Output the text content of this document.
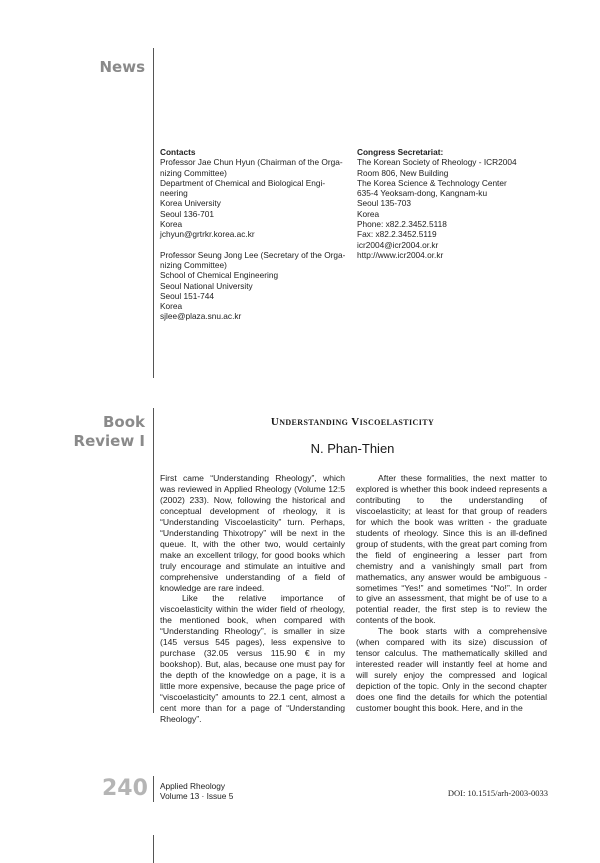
News
Book
Review I
Contacts
Professor Jae Chun Hyun (Chairman of the Orga-
nizing Committee)
Department of Chemical and Biological Engi-
neering
Korea University
Seoul 136-701
Korea
jchyun@grtrkr.korea.ac.kr
Professor Seung Jong Lee (Secretary of the Orga-
nizing Committee)
School of Chemical Engineering
Seoul National University
Seoul 151-744
Korea
sjlee@plaza.snu.ac.kr
Congress Secretariat:
The Korean Society of Rheology - ICR2004
Room 806, New Building
The Korea Science & Technology Center
635-4 Yeoksam-dong, Kangnam-ku
Seoul 135-703
Korea
Phone: x82.2.3452.5118
Fax: x82.2.3452.5119
icr2004@icr2004.or.kr
http://www.icr2004.or.kr
Understanding Viscoelasticity
N. Phan-Thien

First came “Understanding Rheology”, which was reviewed in Applied Rheology (Volume 12:5 (2002) 233). Now, following the historical and conceptual development of rheology, it is “Understanding Viscoelasticity” turn. Perhaps, “Understanding Thixotropy” will be next in the queue. It, with the other two, would certainly make an excellent trilogy, for good books which truly encourage and stimulate an intuitive and comprehensive understanding of a field of knowledge are rare indeed.

Like the relative importance of viscoelasticity within the wider field of rheology, the mentioned book, when compared with “Understanding Rheology”, is smaller in size (145 versus 545 pages), less expensive to purchase (32.05 versus 115.90 € in my bookshop). But, alas, because one must pay for the depth of the knowledge on a page, it is a little more expensive, because the page price of “viscoelasticity” amounts to 22.1 cent, almost a cent more than for a page of “Understanding Rheology”.

After these formalities, the next matter to explored is whether this book indeed represents a contributing to the understanding of viscoelasticity; at least for that group of readers for which the book was written - the graduate students of rheology. Since this is an ill-defined group of students, with the great part coming from the field of engineering a lesser part from chemistry and a vanishingly small part from mathematics, any answer would be ambiguous - sometimes “Yes!” and sometimes “No!”. In order to give an assessment, that might be of use to a potential reader, the first step is to review the contents of the book.

The book starts with a comprehensive (when compared with its size) discussion of tensor calculus. The mathematically skilled and interested reader will instantly feel at home and will surely enjoy the compressed and logical depiction of the topic. Only in the second chapter does one find the details for which the potential customer bought this book. Here, and in the

240 Applied Rheology
Volume 13 · Issue 5	DOI: 10.1515/arh-2003-0033
